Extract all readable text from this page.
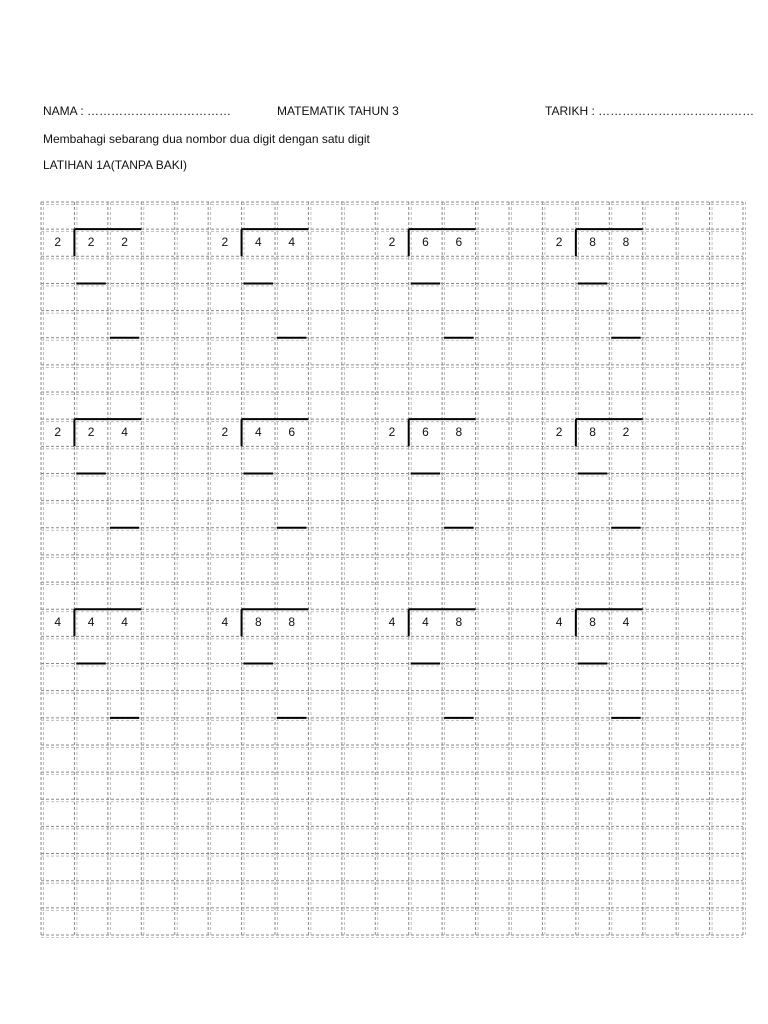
NAMA : ………………………………	MATEMATIK TAHUN 3	TARIKH : …………………………………
Membahagi sebarang dua nombor dua digit dengan satu digit
LATIHAN 1A(TANPA BAKI)
2 2 2	2 4 4	2 6 6	2 8 8
2 2 4	2 4 6	2 6 8	2 8 2
4 4 4	4 8 8	4 4 8	4 8 4
